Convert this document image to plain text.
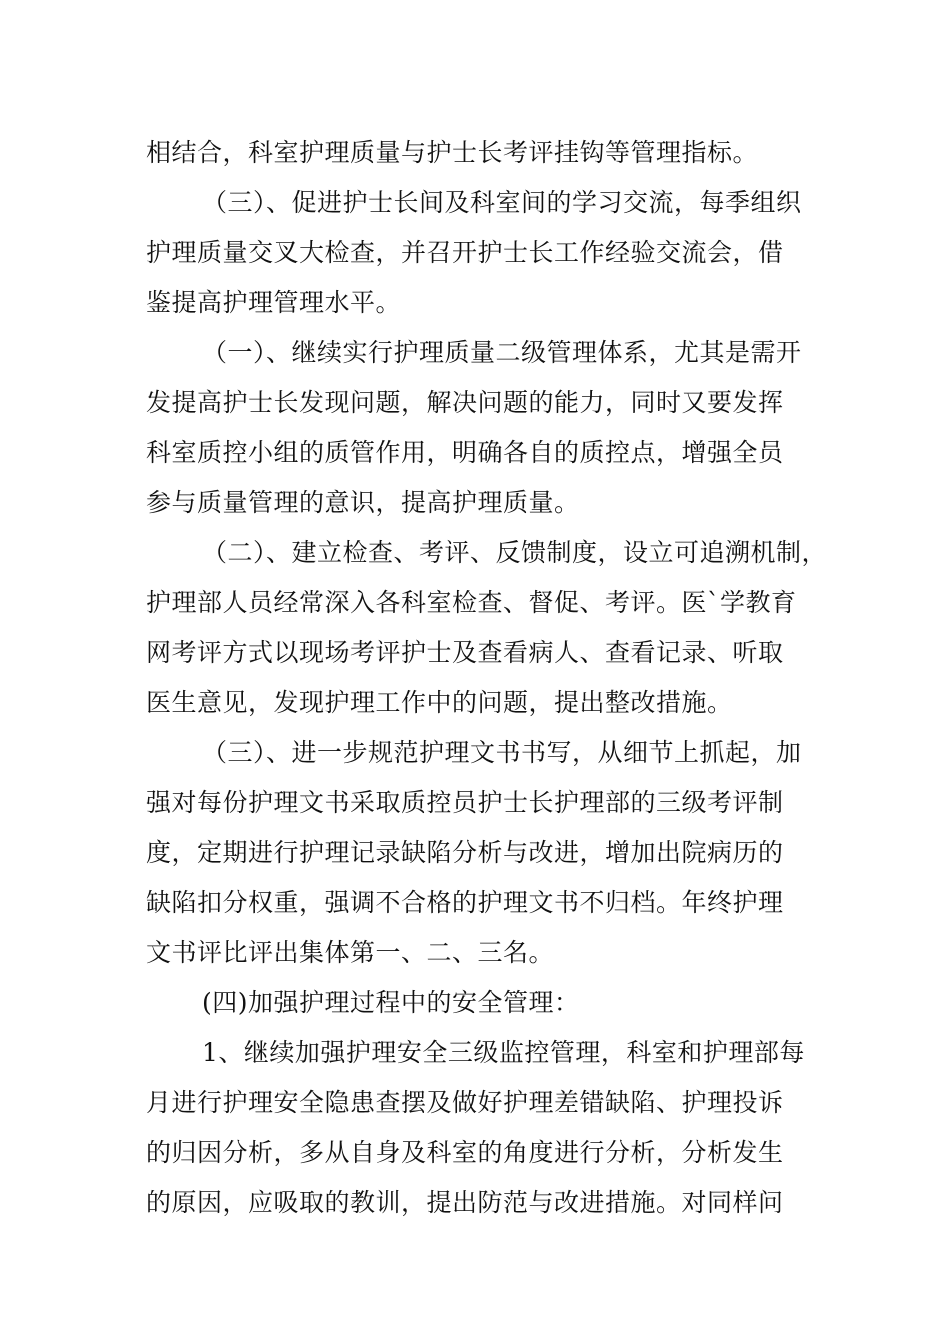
相结合，科室护理质量与护士长考评挂钩等管理指标。
（三）、促进护士长间及科室间的学习交流，每季组织
护理质量交叉大检查，并召开护士长工作经验交流会，借
鉴提高护理管理水平。
（一）、继续实行护理质量二级管理体系，尤其是需开
发提高护士长发现问题，解决问题的能力，同时又要发挥
科室质控小组的质管作用，明确各自的质控点，增强全员
参与质量管理的意识，提高护理质量。
（二）、建立检查、考评、反馈制度，设立可追溯机制，
护理部人员经常深入各科室检查、督促、考评。医`学教育
网考评方式以现场考评护士及查看病人、查看记录、听取
医生意见，发现护理工作中的问题，提出整改措施。
（三）、进一步规范护理文书书写，从细节上抓起，加
强对每份护理文书采取质控员护士长护理部的三级考评制
度，定期进行护理记录缺陷分析与改进，增加出院病历的
缺陷扣分权重，强调不合格的护理文书不归档。年终护理
文书评比评出集体第一、二、三名。
(四)加强护理过程中的安全管理：
1、继续加强护理安全三级监控管理，科室和护理部每
月进行护理安全隐患查摆及做好护理差错缺陷、护理投诉
的归因分析，多从自身及科室的角度进行分析，分析发生
的原因，应吸取的教训，提出防范与改进措施。对同样问
